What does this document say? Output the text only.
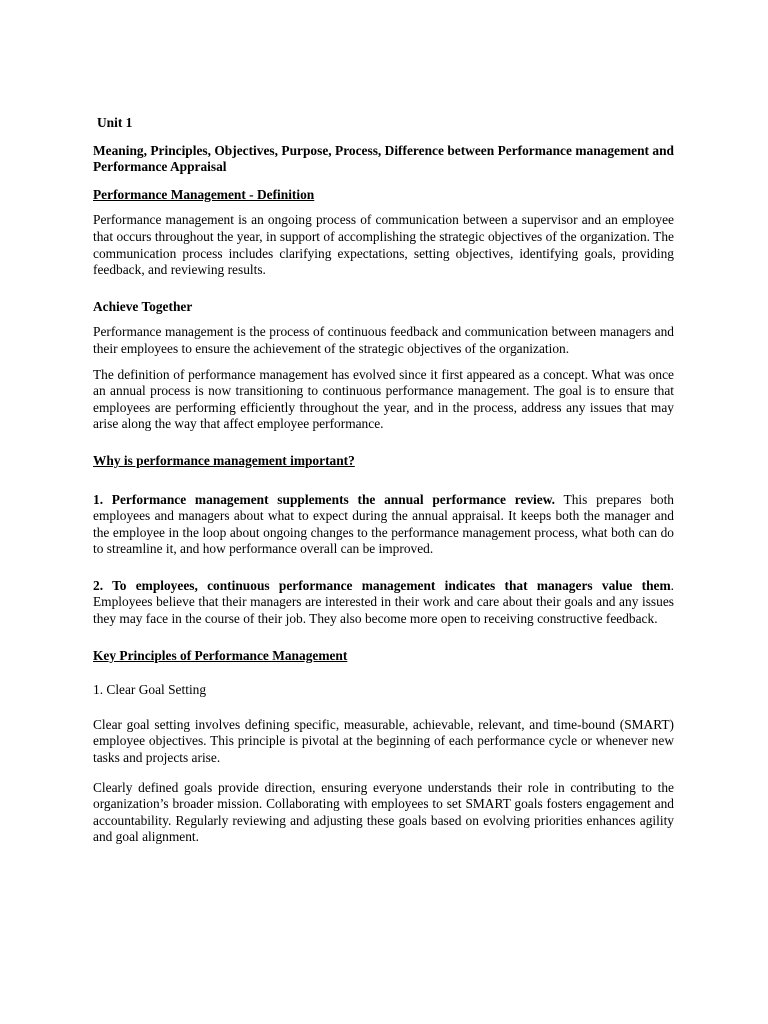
Unit 1

Meaning, Principles, Objectives, Purpose, Process, Difference between Performance management and Performance Appraisal

Performance Management - Definition

Performance management is an ongoing process of communication between a supervisor and an employee that occurs throughout the year, in support of accomplishing the strategic objectives of the organization. The communication process includes clarifying expectations, setting objectives, identifying goals, providing feedback, and reviewing results.

Achieve Together

Performance management is the process of continuous feedback and communication between managers and their employees to ensure the achievement of the strategic objectives of the organization.

The definition of performance management has evolved since it first appeared as a concept. What was once an annual process is now transitioning to continuous performance management. The goal is to ensure that employees are performing efficiently throughout the year, and in the process, address any issues that may arise along the way that affect employee performance.

Why is performance management important?

1. Performance management supplements the annual performance review. This prepares both employees and managers about what to expect during the annual appraisal. It keeps both the manager and the employee in the loop about ongoing changes to the performance management process, what both can do to streamline it, and how performance overall can be improved.

2. To employees, continuous performance management indicates that managers value them. Employees believe that their managers are interested in their work and care about their goals and any issues they may face in the course of their job. They also become more open to receiving constructive feedback.

Key Principles of Performance Management

1. Clear Goal Setting

Clear goal setting involves defining specific, measurable, achievable, relevant, and time-bound (SMART) employee objectives. This principle is pivotal at the beginning of each performance cycle or whenever new tasks and projects arise.

Clearly defined goals provide direction, ensuring everyone understands their role in contributing to the organization’s broader mission. Collaborating with employees to set SMART goals fosters engagement and accountability. Regularly reviewing and adjusting these goals based on evolving priorities enhances agility and goal alignment.
